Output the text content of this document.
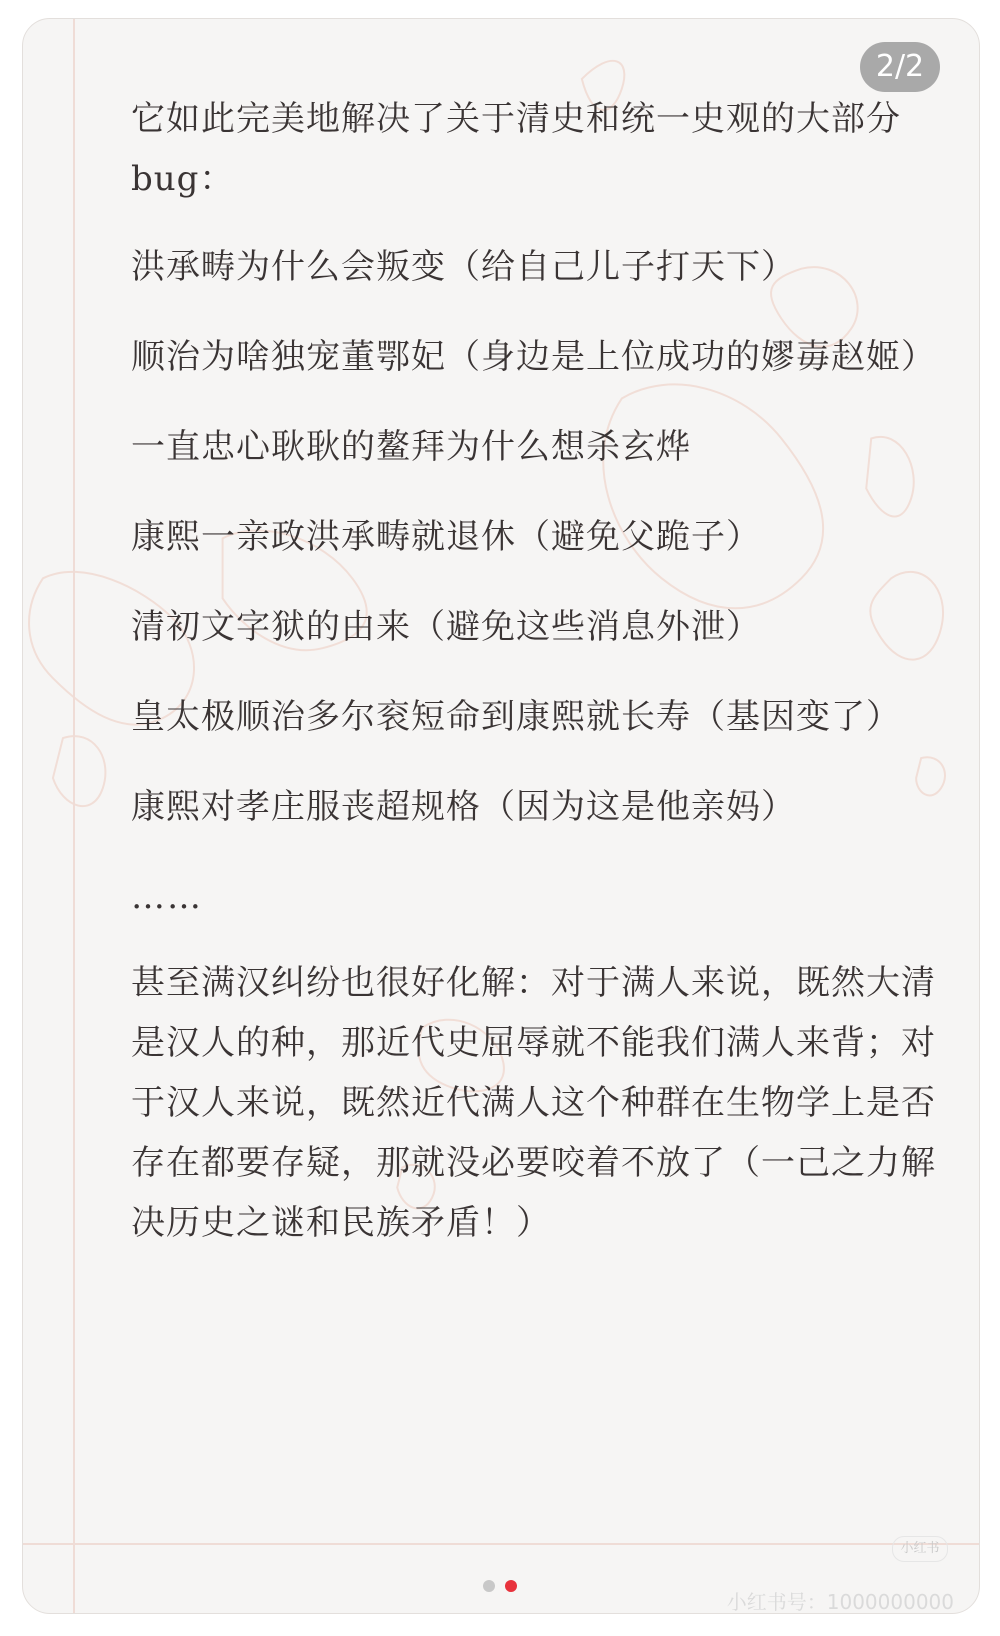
它如此完美地解决了关于清史和统一史观的大部分bug：

洪承畴为什么会叛变（给自己儿子打天下）

顺治为啥独宠董鄂妃（身边是上位成功的嫪毐赵姬）

一直忠心耿耿的鳌拜为什么想杀玄烨

康熙一亲政洪承畴就退休（避免父跪子）

清初文字狱的由来（避免这些消息外泄）

皇太极顺治多尔衮短命到康熙就长寿（基因变了）

康熙对孝庄服丧超规格（因为这是他亲妈）

……

甚至满汉纠纷也很好化解：对于满人来说，既然大清是汉人的种，那近代史屈辱就不能我们满人来背；对于汉人来说，既然近代满人这个种群在生物学上是否存在都要存疑，那就没必要咬着不放了（一己之力解决历史之谜和民族矛盾！）

2/2
小红书
小红书号：1000000000
